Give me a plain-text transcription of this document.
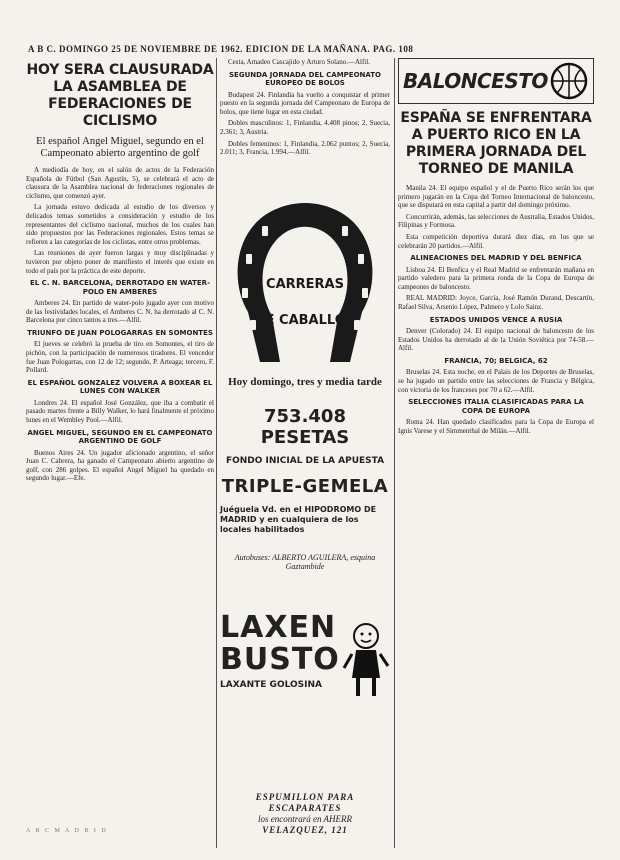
A B C. DOMINGO 25 DE NOVIEMBRE DE 1962. EDICION DE LA MAÑANA. PAG. 108
HOY SERA CLAUSURADA LA ASAMBLEA DE FEDERACIONES DE CICLISMO
El español Angel Miguel, segundo en el Campeonato abierto argentino de golf

A mediodía de hoy, en el salón de actos de la Federación Española de Fútbol (San Agustín, 5), se celebrará el acto de clausura de la Asamblea nacional de federaciones regionales de ciclismo, que comenzó ayer.

La jornada estuvo dedicada al estudio de los diversos y delicados temas sometidos a consideración y estudio de los representantes del ciclismo nacional, muchos de los cuales han sido propuestos por las Federaciones regionales. Estos temas se refieren a las categorías de los ciclistas, entre otros problemas.

Las reuniones de ayer fueron largas y muy disciplinadas y tuvieron por objeto poner de manifiesto el interés que existe en todo el país por la práctica de este deporte.

EL C. N. BARCELONA, DERROTADO EN WATER-POLO EN AMBERES

Amberes 24. En partido de water-polo jugado ayer con motivo de las festividades locales, el Amberes C. N. ha derrotado al C. N. Barcelona por cinco tantos a tres.—Alfil.

TRIUNFO DE JUAN POLOGARRAS EN SOMONTES

El jueves se celebró la prueba de tiro en Somontes, el tiro de pichón, con la participación de numerosos tiradores. El vencedor fue Juan Pologarras, con 12 de 12; segundo, P. Arteaga; tercero, F. Pollard.

EL ESPAÑOL GONZALEZ VOLVERA A BOXEAR EL LUNES CON WALKER

Londres 24. El español José González, que iba a combatir el pasado martes frente a Billy Walker, lo hará finalmente el próximo lunes en el Wembley Pool.—Alfil.

ANGEL MIGUEL, SEGUNDO EN EL CAMPEONATO ARGENTINO DE GOLF

Buenos Aires 24. Un jugador aficionado argentino, el señor Juan C. Cabrera, ha ganado el Campeonato abierto argentino de golf, con 286 golpes. El español Angel Miguel ha quedado en segundo lugar.—Efe.

Cesta, Amadeo Cascajido y Arturo Solano.—Alfil.

SEGUNDA JORNADA DEL CAMPEONATO EUROPEO DE BOLOS

Budapest 24. Finlandia ha vuelto a conquistar el primer puesto en la segunda jornada del Campeonato de Europa de bolos, que tiene lugar en esta ciudad.

Dobles masculinos: 1, Finlandia, 4.408 pinos; 2, Suecia, 2.361; 3, Austria.

Dobles femeninos: 1, Finlandia, 2.062 puntos; 2, Suecia, 2.011; 3, Francia, 1.994.—Alfil.

CARRERAS
DE CABALLOS
Hoy domingo, tres y media tarde
753.408 PESETAS
FONDO INICIAL DE LA APUESTA
TRIPLE-GEMELA
Juéguela Vd. en el HIPODROMO DE MADRID y en cualquiera de los locales habilitados
Autobuses: ALBERTO AGUILERA, esquina Gaztambide
LAXEN
BUSTO
LAXANTE GOLOSINA
ESPUMILLON PARA
ESCAPARATES
los encontrará en AHERR
VELAZQUEZ, 121
BALONCESTO
ESPAÑA SE ENFRENTARA A PUERTO RICO EN LA PRIMERA JORNADA DEL TORNEO DE MANILA

Manila 24. El equipo español y el de Puerto Rico serán los que primero jugarán en la Copa del Torneo Internacional de baloncesto, que se disputará en esta capital a partir del domingo próximo.

Concurrirán, además, las selecciones de Australia, Estados Unidos, Filipinas y Formosa.

Esta competición deportiva durará diez días, en los que se celebrarán 20 partidos.—Alfil.

ALINEACIONES DEL MADRID Y DEL BENFICA

Lisboa 24. El Benfica y el Real Madrid se enfrentarán mañana en partido valedero para la primera ronda de la Copa de Europa de campeones de baloncesto.

REAL MADRID: Joyce, García, José Ramón Durand, Descartín, Rafael Silva, Arsenio López, Palmero y Lolo Sainz.

ESTADOS UNIDOS VENCE A RUSIA

Denver (Colorado) 24. El equipo nacional de baloncesto de los Estados Unidos ha derrotado al de la Unión Soviética por 74-58.—Alfil.

FRANCIA, 70; BELGICA, 62

Bruselas 24. Esta noche, en el Palais de los Deportes de Bruselas, se ha jugado un partido entre las selecciones de Francia y Bélgica, con victoria de los franceses por 70 a 62.—Alfil.

SELECCIONES ITALIA CLASIFICADAS PARA LA COPA DE EUROPA

Roma 24. Han quedado clasificados para la Copa de Europa el Ignis Varese y el Simmenthal de Milán.—Alfil.

A B C M A D R I D
